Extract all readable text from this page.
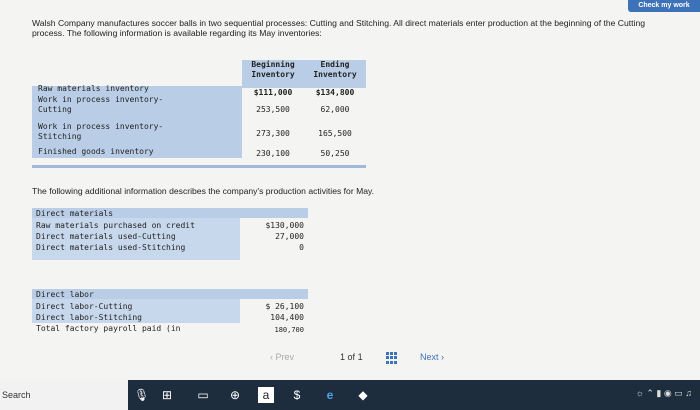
Check my work
Walsh Company manufactures soccer balls in two sequential processes: Cutting and Stitching. All direct materials enter production at the beginning of the Cutting process. The following information is available regarding its May inventories:
Beginning
Inventory
Ending
Inventory
Raw materials inventory	$111,000	$134,800
Work in process inventory-
Cutting	253,500	62,000
Work in process inventory-
Stitching	273,300	165,500
Finished goods inventory	230,100	50,250
The following additional information describes the company's production activities for May.
Direct materials
Raw materials purchased on credit	$130,000
Direct materials used-Cutting	27,000
Direct materials used-Stitching	0
Direct labor
Direct labor-Cutting	$ 26,100
Direct labor-Stitching	104,400
Total factory payroll paid (in	180,700
‹ Prev	1 of 1	Next ›
Search	🎙 ⊞ ▭ ⊕	a	$	e	◆	☼ ⌃ ▮ ◉ ▭ ♫
